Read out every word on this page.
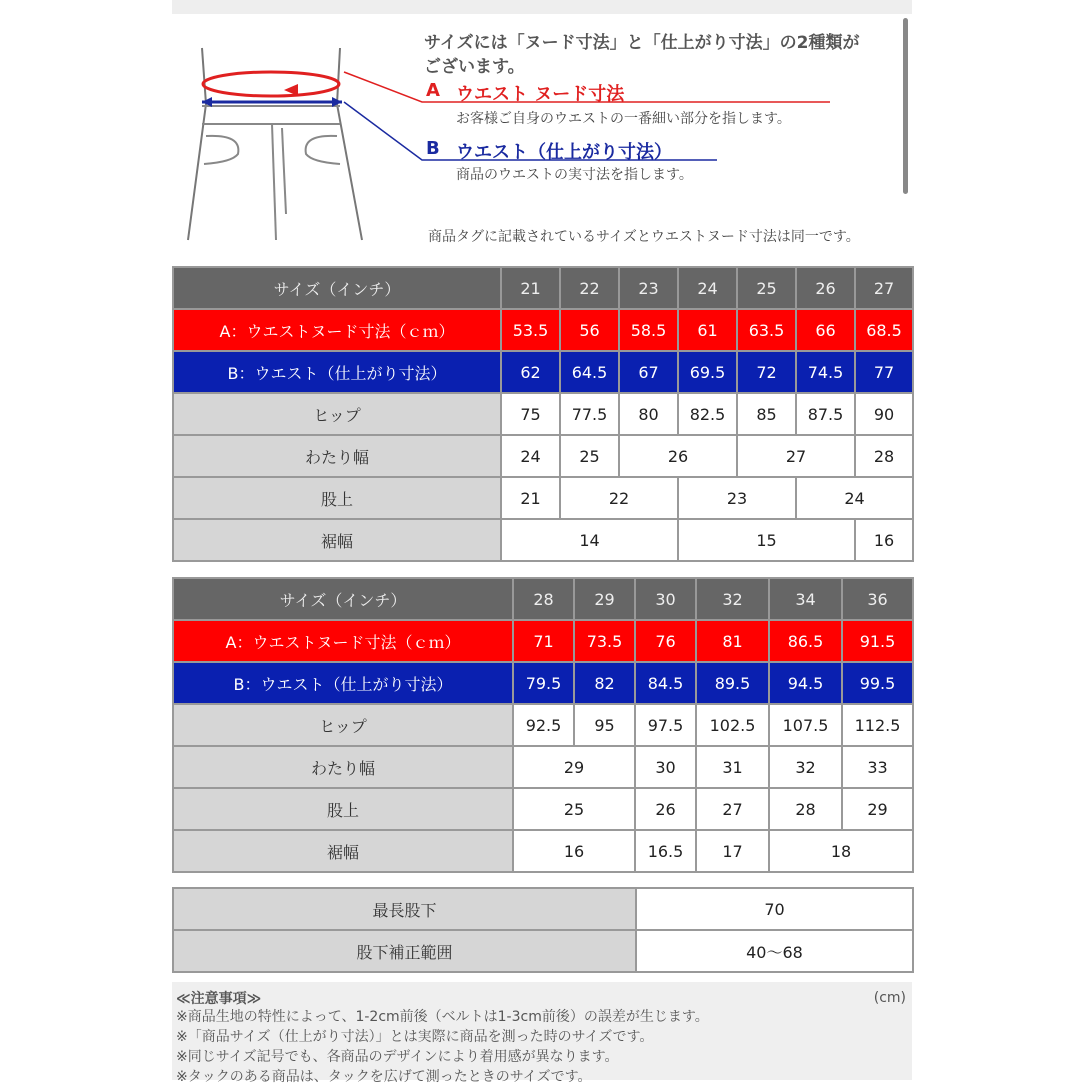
サイズには「ヌード寸法」と「仕上がり寸法」の2種類が
ございます。
A ウエスト ヌード寸法
お客様ご自身のウエストの一番細い部分を指します。
B ウエスト（仕上がり寸法）
商品のウエストの実寸法を指します。
商品タグに記載されているサイズとウエストヌード寸法は同一です。
サイズ（インチ）	21	22	23	24	25	26	27
A：ウエストヌード寸法（ｃｍ）	53.5	56	58.5	61	63.5	66	68.5
B：ウエスト（仕上がり寸法）	62	64.5	67	69.5	72	74.5	77
ヒップ	75	77.5	80	82.5	85	87.5	90
わたり幅	24	25	26		27		28
股上	21	22		23		24	
裾幅	14			15			16
サイズ（インチ）	28	29	30	32	34	36
A：ウエストヌード寸法（ｃｍ）	71	73.5	76	81	86.5	91.5
B：ウエスト（仕上がり寸法）	79.5	82	84.5	89.5	94.5	99.5
ヒップ	92.5	95	97.5	102.5	107.5	112.5
わたり幅	29		30	31	32	33
股上	25		26	27	28	29
裾幅	16		16.5	17	18	
最長股下	70
股下補正範囲	40〜68
≪注意事項≫	(cm)
※商品生地の特性によって、1-2cm前後（ベルトは1-3cm前後）の誤差が生じます。
※「商品サイズ（仕上がり寸法）」とは実際に商品を測った時のサイズです。
※同じサイズ記号でも、各商品のデザインにより着用感が異なります。
※タックのある商品は、タックを広げて測ったときのサイズです。
